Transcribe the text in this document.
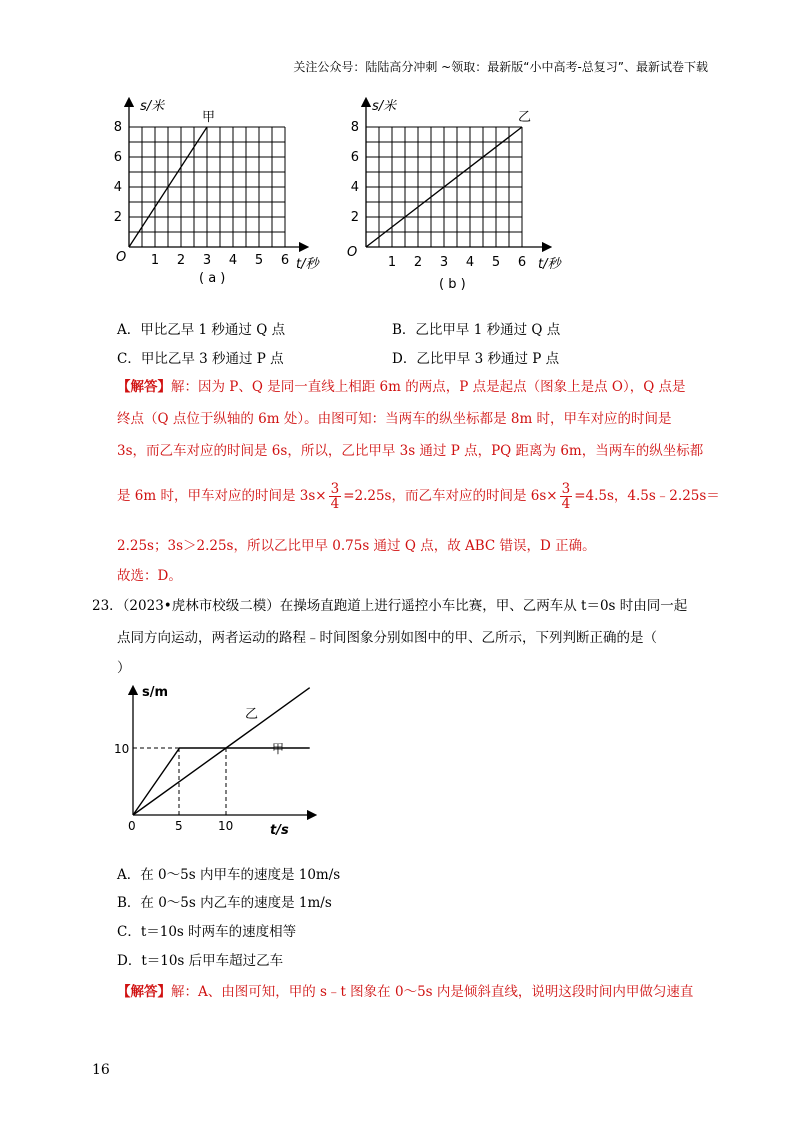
关注公众号：陆陆高分冲刺 ~领取：最新版“小中高考-总复习”、最新试卷下载
甲
s/米
t/秒
O
( a )
1 2 3 4 5 6
2
4
6
8
乙
s/米
t/秒
O
( b )
1 2 3 4 5 6
2
4
6
8
A．甲比乙早 1 秒通过 Q 点	B．乙比甲早 1 秒通过 Q 点
C．甲比乙早 3 秒通过 P 点	D．乙比甲早 3 秒通过 P 点
【解答】解：因为 P、Q 是同一直线上相距 6m 的两点，P 点是起点（图象上是点 O），Q 点是
终点（Q 点位于纵轴的 6m 处）。由图可知：当两车的纵坐标都是 8m 时，甲车对应的时间是
3s，而乙车对应的时间是 6s，所以，乙比甲早 3s 通过 P 点，PQ 距离为 6m，当两车的纵坐标都
是 6m 时，甲车对应的时间是 $3s\times \frac{3}{4} =2.25s$，而乙车对应的时间是 $6s\times \frac{3}{4} =4.5s$，4.5s﹣2.25s＝
2.25s；3s＞2.25s，所以乙比甲早 0.75s 通过 Q 点，故 ABC 错误，D 正确。
故选：D。
23．（2023•虎林市校级二模）在操场直跑道上进行遥控小车比赛，甲、乙两车从 t＝0s 时由同一起
点同方向运动，两者运动的路程﹣时间图象分别如图中的甲、乙所示，下列判断正确的是（
）
s/m
t/s
甲
乙
10
0	5	10
A．在 0～5s 内甲车的速度是 10m/s
B．在 0～5s 内乙车的速度是 1m/s
C．t＝10s 时两车的速度相等
D．t＝10s 后甲车超过乙车
【解答】解：A、由图可知，甲的 s﹣t 图象在 0～5s 内是倾斜直线，说明这段时间内甲做匀速直
16
